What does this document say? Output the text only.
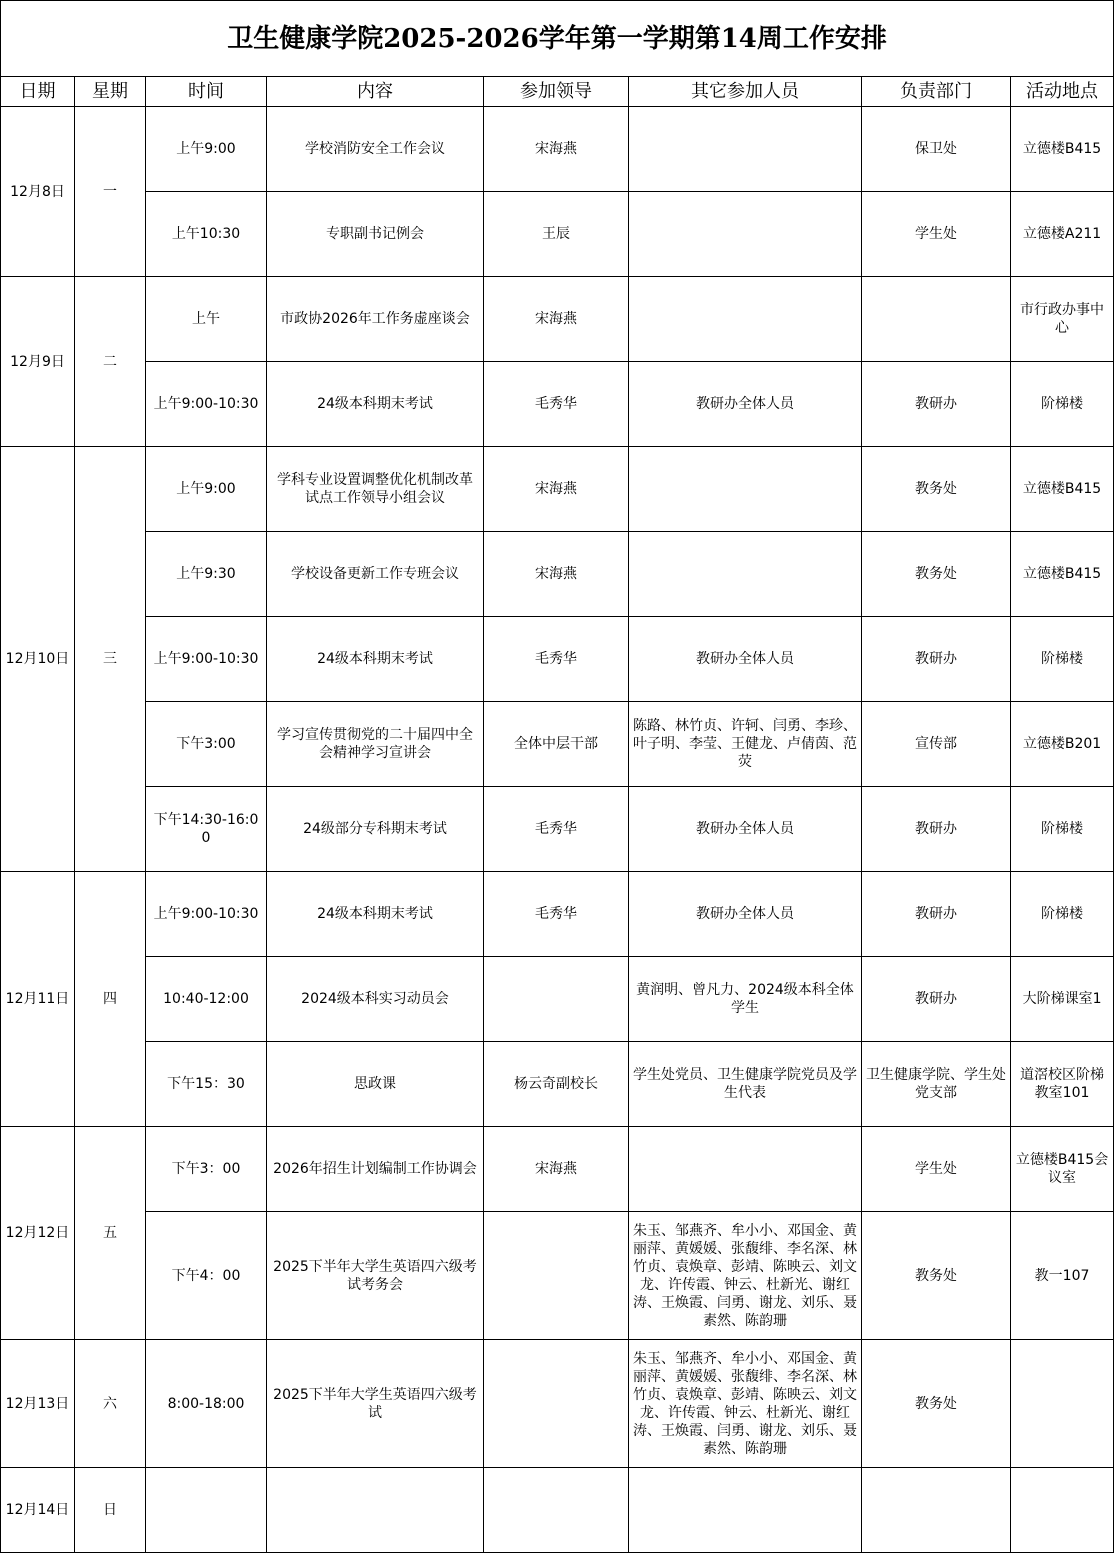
卫生健康学院2025-2026学年第一学期第14周工作安排							
日期	星期	时间	内容	参加领导	其它参加人员	负责部门	活动地点
12月8日	一	上午9:00	学校消防安全工作会议	宋海燕		保卫处	立德楼B415
		上午10:30	专职副书记例会	王辰		学生处	立德楼A211
12月9日	二	上午	市政协2026年工作务虚座谈会	宋海燕			市行政办事中心
		上午9:00-10:30	24级本科期末考试	毛秀华	教研办全体人员	教研办	阶梯楼
12月10日	三	上午9:00	学科专业设置调整优化机制改革试点工作领导小组会议	宋海燕		教务处	立德楼B415
		上午9:30	学校设备更新工作专班会议	宋海燕		教务处	立德楼B415
		上午9:00-10:30	24级本科期末考试	毛秀华	教研办全体人员	教研办	阶梯楼
		下午3:00	学习宣传贯彻党的二十届四中全会精神学习宣讲会	全体中层干部	陈路、林竹贞、许轲、闫勇、李珍、叶子明、李莹、王健龙、卢倩茵、范荧	宣传部	立德楼B201
		下午14:30-16:00	24级部分专科期末考试	毛秀华	教研办全体人员	教研办	阶梯楼
12月11日	四	上午9:00-10:30	24级本科期末考试	毛秀华	教研办全体人员	教研办	阶梯楼
		10:40-12:00	2024级本科实习动员会		黄润明、曾凡力、2024级本科全体学生	教研办	大阶梯课室1
		下午15：30	思政课	杨云奇副校长	学生处党员、卫生健康学院党员及学生代表	卫生健康学院、学生处党支部	道滘校区阶梯教室101
12月12日	五	下午3：00	2026年招生计划编制工作协调会	宋海燕		学生处	立德楼B415会议室
		下午4：00	2025下半年大学生英语四六级考试考务会		朱玉、邹燕齐、牟小小、邓国金、黄丽萍、黄媛媛、张馥绯、李名深、林竹贞、袁焕章、彭靖、陈映云、刘文龙、许传霞、钟云、杜新光、谢红涛、王焕霞、闫勇、谢龙、刘乐、聂素然、陈韵珊	教务处	教一107
12月13日	六	8:00-18:00	2025下半年大学生英语四六级考试		朱玉、邹燕齐、牟小小、邓国金、黄丽萍、黄媛媛、张馥绯、李名深、林竹贞、袁焕章、彭靖、陈映云、刘文龙、许传霞、钟云、杜新光、谢红涛、王焕霞、闫勇、谢龙、刘乐、聂素然、陈韵珊	教务处	
12月14日	日						
